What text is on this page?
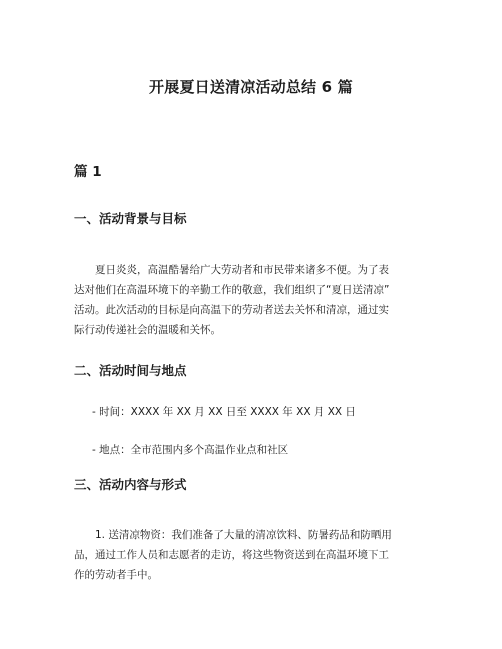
开展夏日送清凉活动总结 6 篇
篇 1
一、活动背景与目标

夏日炎炎，高温酷暑给广大劳动者和市民带来诸多不便。为了表
达对他们在高温环境下的辛勤工作的敬意，我们组织了“夏日送清凉”
活动。此次活动的目标是向高温下的劳动者送去关怀和清凉，通过实
际行动传递社会的温暖和关怀。

二、活动时间与地点
- 时间：XXXX 年 XX 月 XX 日至 XXXX 年 XX 月 XX 日
- 地点：全市范围内多个高温作业点和社区
三、活动内容与形式

1. 送清凉物资：我们准备了大量的清凉饮料、防暑药品和防晒用
品，通过工作人员和志愿者的走访，将这些物资送到在高温环境下工
作的劳动者手中。
